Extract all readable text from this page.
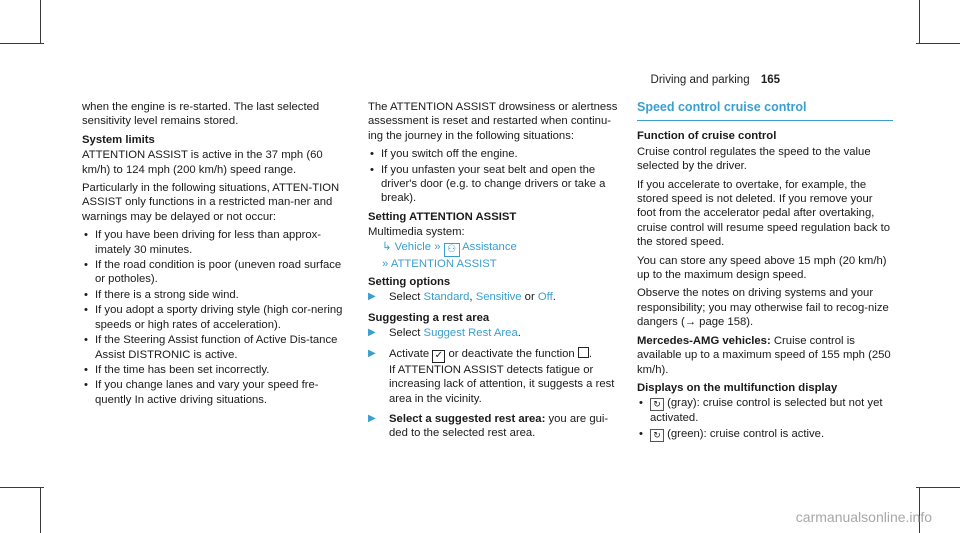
Driving and parking 165

when the engine is re-started. The last selected sensitivity level remains stored.

System limits

ATTENTION ASSIST is active in the 37 mph (60 km/h) to 124 mph (200 km/h) speed range.

Particularly in the following situations, ATTEN-TION ASSIST only functions in a restricted man-ner and warnings may be delayed or not occur:

• If you have been driving for less than approx-imately 30 minutes.
• If the road condition is poor (uneven road surface or potholes).
• If there is a strong side wind.
• If you adopt a sporty driving style (high cor-nering speeds or high rates of acceleration).
• If the Steering Assist function of Active Dis-tance Assist DISTRONIC is active.
• If the time has been set incorrectly.
• If you change lanes and vary your speed fre-quently In active driving situations.

The ATTENTION ASSIST drowsiness or alertness assessment is reset and restarted when continu-ing the journey in the following situations:

• If you switch off the engine.
• If you unfasten your seat belt and open the driver's door (e.g. to change drivers or take a break).
Setting ATTENTION ASSIST
Multimedia system:
↳ Vehicle » ⚇ Assistance
» ATTENTION ASSIST
Setting options
▶ Select Standard, Sensitive or Off.
Suggesting a rest area
▶ Select Suggest Rest Area.
▶ Activate ✓ or deactivate the function .
If ATTENTION ASSIST detects fatigue or increasing lack of attention, it suggests a rest area in the vicinity.
▶ Select a suggested rest area: you are gui-ded to the selected rest area.
Speed control cruise control
Function of cruise control

Cruise control regulates the speed to the value selected by the driver.

If you accelerate to overtake, for example, the stored speed is not deleted. If you remove your foot from the accelerator pedal after overtaking, cruise control will resume speed regulation back to the stored speed.

You can store any speed above 15 mph (20 km/h) up to the maximum design speed.

Observe the notes on driving systems and your responsibility; you may otherwise fail to recog-nize dangers (→ page 158).

Mercedes-AMG vehicles: Cruise control is available up to a maximum speed of 155 mph (250 km/h).

Displays on the multifunction display
• ↻ (gray): cruise control is selected but not yet activated.
• ↻ (green): cruise control is active.
carmanualsonline.info
